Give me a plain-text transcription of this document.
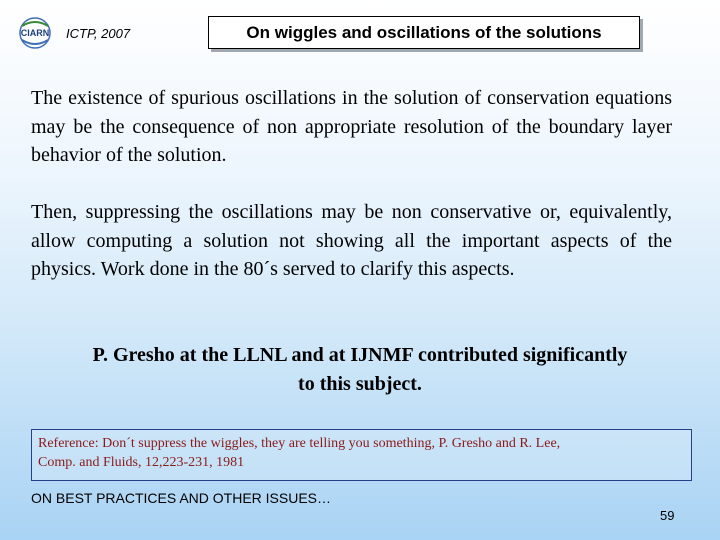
CIARN ICTP, 2007	On wiggles and oscillations of the solutions
The existence of spurious oscillations in the solution of conservation equations may be the consequence of non appropriate resolution of the boundary layer behavior of the solution.
Then, suppressing the oscillations may be non conservative or, equivalently, allow computing a solution not showing all the important aspects of the physics. Work done in the 80´s served to clarify this aspects.
P. Gresho at the LLNL and at IJNMF contributed significantly
to this subject.
Reference: Don´t suppress the wiggles, they are telling you something, P. Gresho and R. Lee,
Comp. and Fluids, 12,223-231, 1981
ON BEST PRACTICES AND OTHER ISSUES…
59
